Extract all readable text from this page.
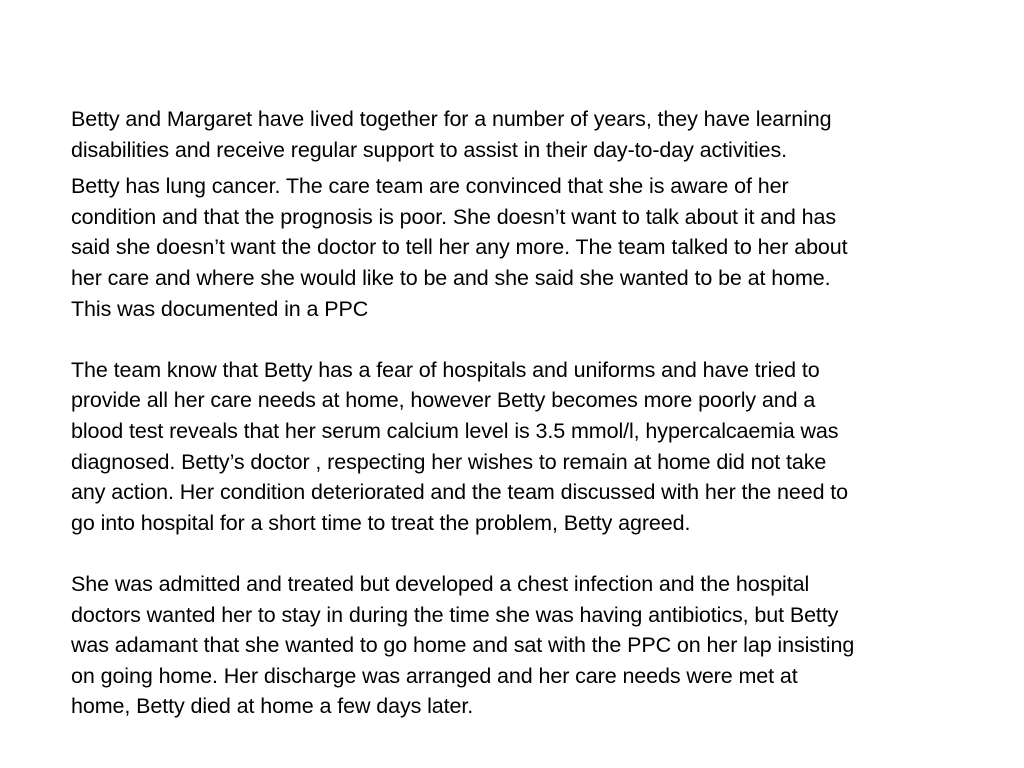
Betty and Margaret have lived together for a number of years, they have learning
disabilities and receive regular support to assist in their day-to-day activities.

Betty has lung cancer. The care team are convinced that she is aware of her
condition and that the prognosis is poor. She doesn’t want to talk about it and has
said she doesn’t want the doctor to tell her any more. The team talked to her about
her care and where she would like to be and she said she wanted to be at home.
This was documented in a PPC

The team know that Betty has a fear of hospitals and uniforms and have tried to
provide all her care needs at home, however Betty becomes more poorly and a
blood test reveals that her serum calcium level is 3.5 mmol/l, hypercalcaemia was
diagnosed. Betty’s doctor , respecting her wishes to remain at home did not take
any action. Her condition deteriorated and the team discussed with her the need to
go into hospital for a short time to treat the problem, Betty agreed.

She was admitted and treated but developed a chest infection and the hospital
doctors wanted her to stay in during the time she was having antibiotics, but Betty
was adamant that she wanted to go home and sat with the PPC on her lap insisting
on going home. Her discharge was arranged and her care needs were met at
home, Betty died at home a few days later.
